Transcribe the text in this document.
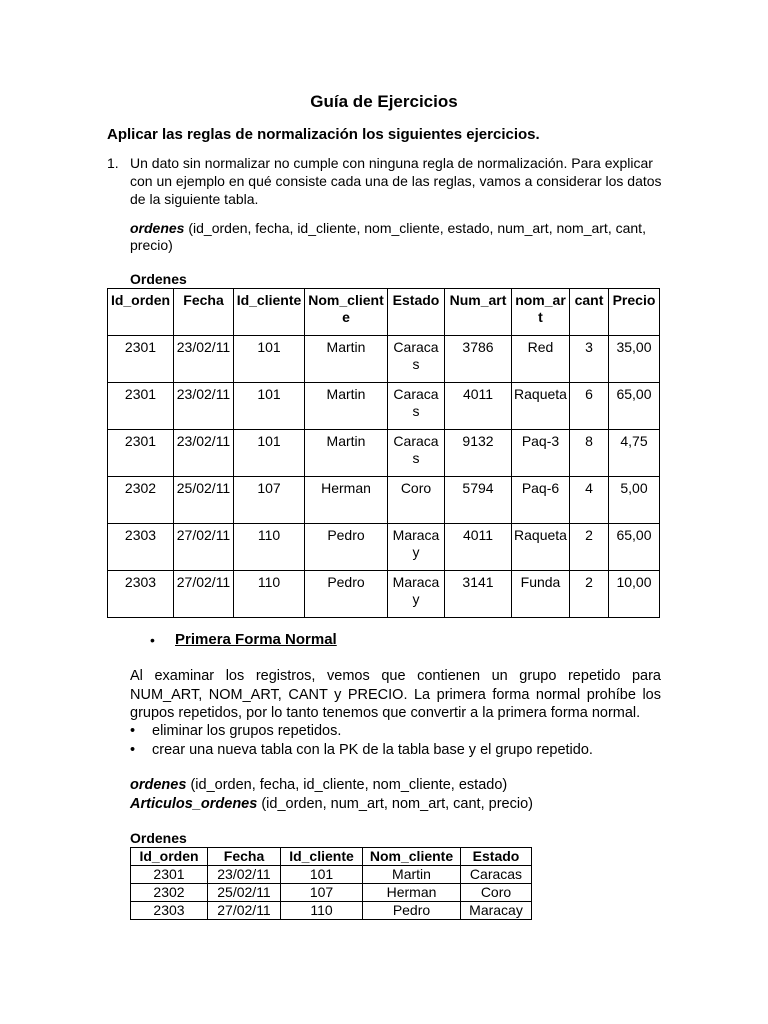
Guía de Ejercicios
Aplicar las reglas de normalización los siguientes ejercicios.
1. Un dato sin normalizar no cumple con ninguna regla de normalización. Para explicar con un ejemplo en qué consiste cada una de las reglas, vamos a considerar los datos de la siguiente tabla.
ordenes (id_orden, fecha, id_cliente, nom_cliente, estado, num_art, nom_art, cant, precio)
Ordenes
Id_orden	Fecha	Id_cliente	Nom_cliente	Estado	Num_art	nom_art	cant	Precio
2301	23/02/11	101	Martin	Caracas	3786	Red	3	35,00
2301	23/02/11	101	Martin	Caracas	4011	Raqueta	6	65,00
2301	23/02/11	101	Martin	Caracas	9132	Paq-3	8	4,75
2302	25/02/11	107	Herman	Coro	5794	Paq-6	4	5,00
2303	27/02/11	110	Pedro	Maracay	4011	Raqueta	2	65,00
2303	27/02/11	110	Pedro	Maracay	3141	Funda	2	10,00
• Primera Forma Normal
Al examinar los registros, vemos que contienen un grupo repetido para NUM_ART, NOM_ART, CANT y PRECIO. La primera forma normal prohíbe los grupos repetidos, por lo tanto tenemos que convertir a la primera forma normal.
• eliminar los grupos repetidos.
• crear una nueva tabla con la PK de la tabla base y el grupo repetido.
ordenes (id_orden, fecha, id_cliente, nom_cliente, estado)
Articulos_ordenes (id_orden, num_art, nom_art, cant, precio)
Ordenes
Id_orden	Fecha	Id_cliente	Nom_cliente	Estado
2301	23/02/11	101	Martin	Caracas
2302	25/02/11	107	Herman	Coro
2303	27/02/11	110	Pedro	Maracay
